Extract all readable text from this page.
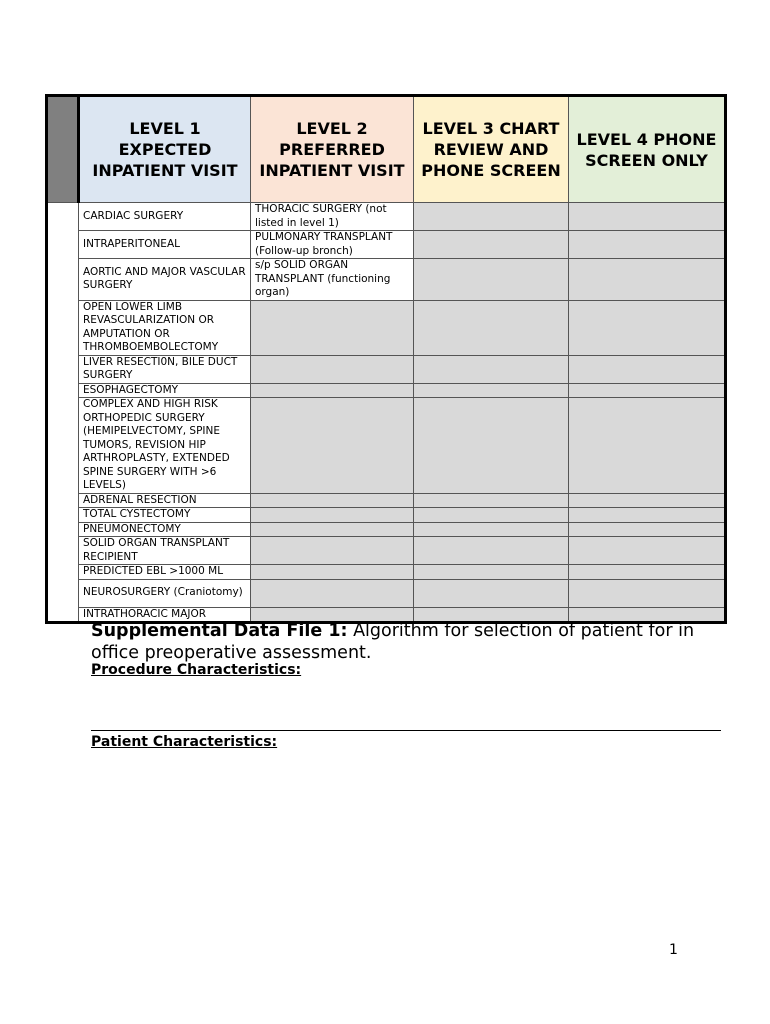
	LEVEL 1 EXPECTED INPATIENT VISIT	LEVEL 2 PREFERRED INPATIENT VISIT	LEVEL 3 CHART REVIEW AND PHONE SCREEN	LEVEL 4 PHONE SCREEN ONLY
	CARDIAC SURGERY	THORACIC SURGERY (not listed in level 1)		
	INTRAPERITONEAL	PULMONARY TRANSPLANT (Follow-up bronch)		
	AORTIC AND MAJOR VASCULAR SURGERY	s/p SOLID ORGAN TRANSPLANT (functioning organ)		
	OPEN LOWER LIMB REVASCULARIZATION OR AMPUTATION OR THROMBOEMBOLECTOMY			
	LIVER RESECTI0N, BILE DUCT SURGERY			
	ESOPHAGECTOMY			
	COMPLEX AND HIGH RISK ORTHOPEDIC SURGERY (HEMIPELVECTOMY, SPINE TUMORS, REVISION HIP ARTHROPLASTY, EXTENDED SPINE SURGERY WITH >6 LEVELS)			
	ADRENAL RESECTION			
	TOTAL CYSTECTOMY			
	PNEUMONECTOMY			
	SOLID ORGAN TRANSPLANT RECIPIENT			
	PREDICTED EBL >1000 ML			
	NEUROSURGERY (Craniotomy)			
	INTRATHORACIC MAJOR			
Supplemental Data File 1: Algorithm for selection of patient for in office preoperative assessment.
Procedure Characteristics:
Patient Characteristics:
1
